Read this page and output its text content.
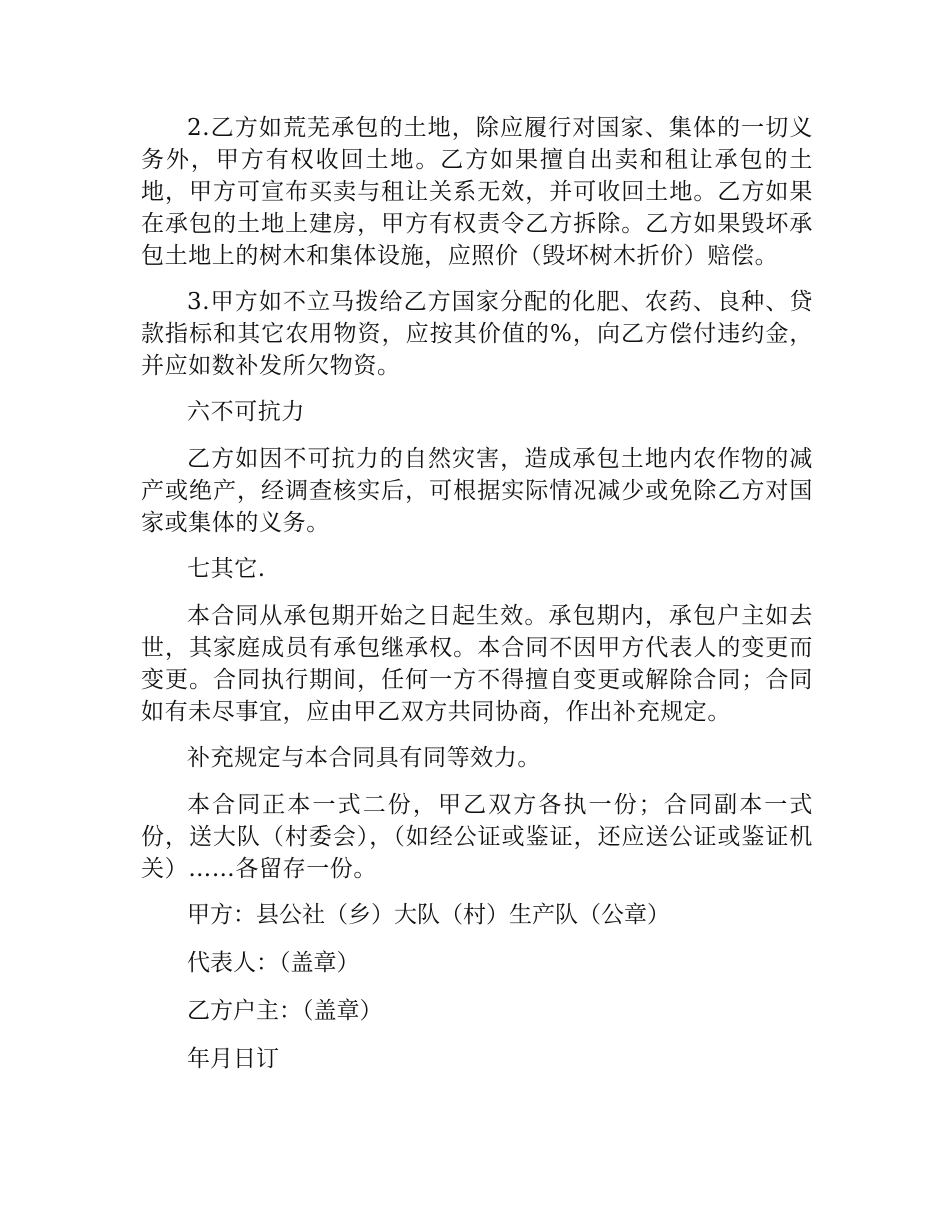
2.乙方如荒芜承包的土地，除应履行对国家、集体的一切义务外，甲方有权收回土地。乙方如果擅自出卖和租让承包的土地，甲方可宣布买卖与租让关系无效，并可收回土地。乙方如果在承包的土地上建房，甲方有权责令乙方拆除。乙方如果毁坏承包土地上的树木和集体设施，应照价（毁坏树木折价）赔偿。

3.甲方如不立马拨给乙方国家分配的化肥、农药、良种、贷款指标和其它农用物资，应按其价值的%，向乙方偿付违约金，并应如数补发所欠物资。

六不可抗力

乙方如因不可抗力的自然灾害，造成承包土地内农作物的减产或绝产，经调查核实后，可根据实际情况减少或免除乙方对国家或集体的义务。

七其它.

本合同从承包期开始之日起生效。承包期内，承包户主如去世，其家庭成员有承包继承权。本合同不因甲方代表人的变更而变更。合同执行期间，任何一方不得擅自变更或解除合同；合同如有未尽事宜，应由甲乙双方共同协商，作出补充规定。

补充规定与本合同具有同等效力。

本合同正本一式二份，甲乙双方各执一份；合同副本一式份，送大队（村委会），（如经公证或鉴证，还应送公证或鉴证机关）……各留存一份。

甲方：县公社（乡）大队（村）生产队（公章）

代表人：（盖章）

乙方户主：（盖章）

年月日订
